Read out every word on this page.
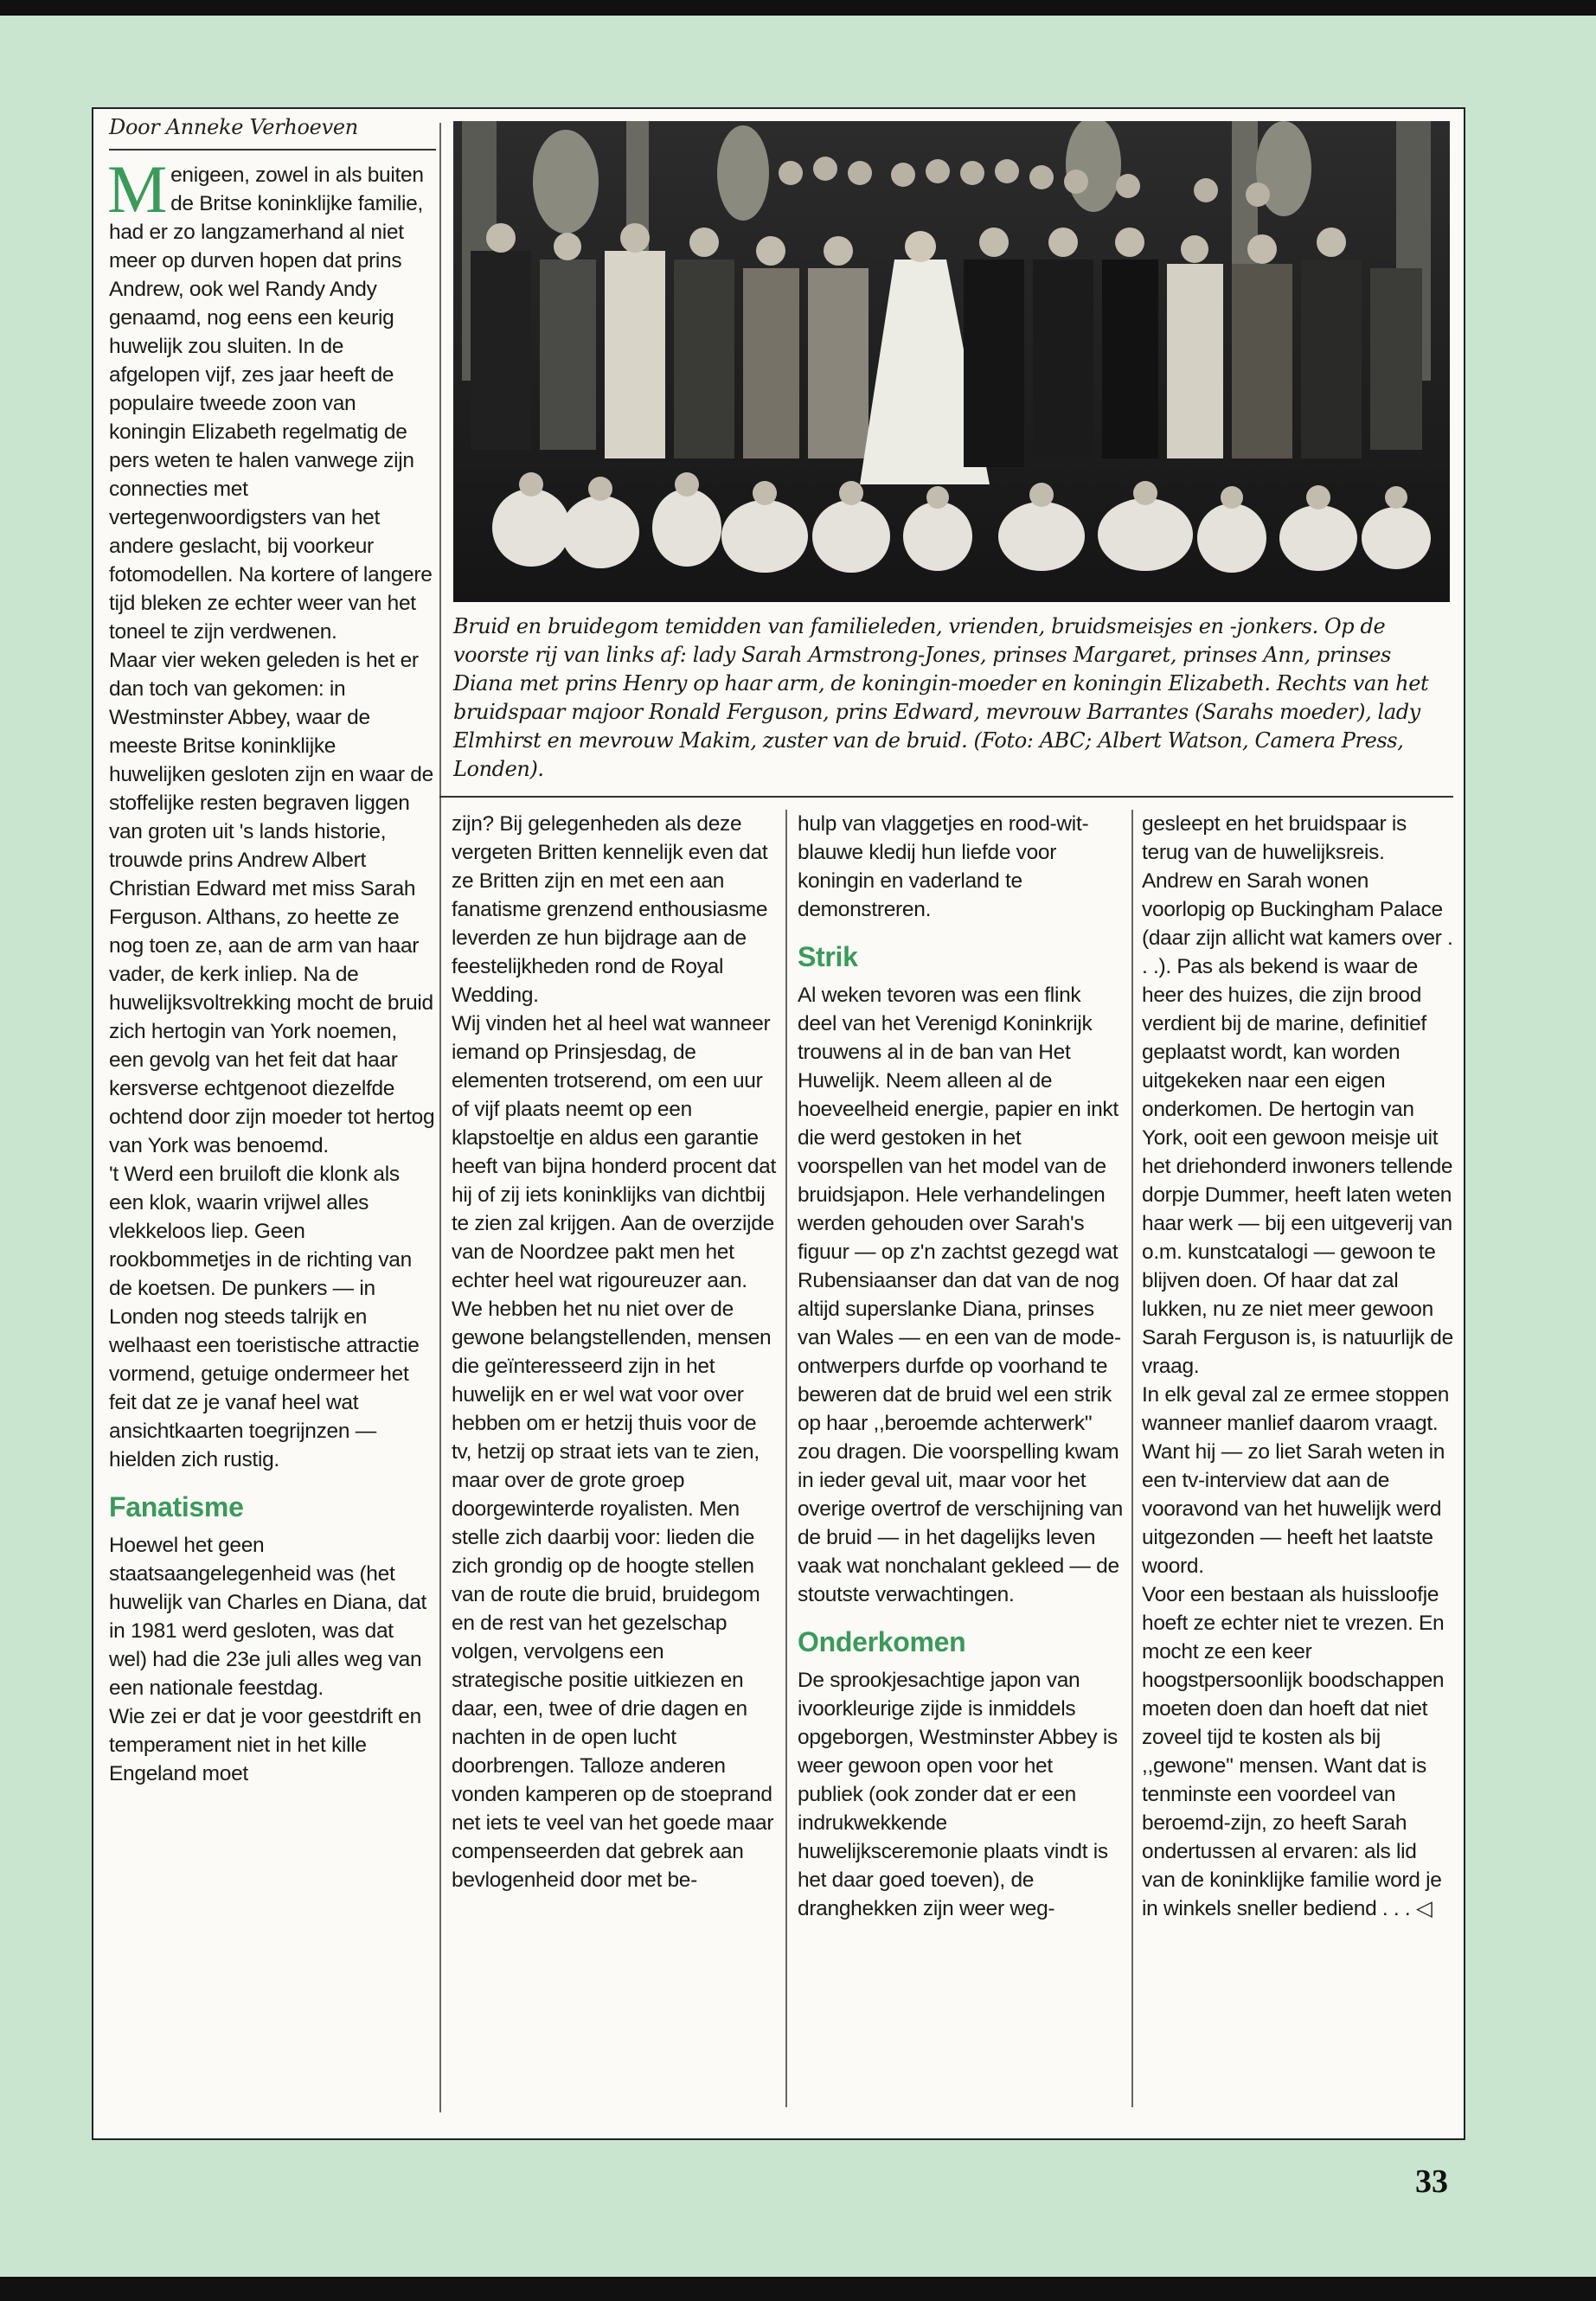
Door Anneke Verhoeven

Menigeen, zowel in als buiten de Britse koninklijke familie, had er zo langzamerhand al niet meer op durven hopen dat prins Andrew, ook wel Randy Andy genaamd, nog eens een keurig huwelijk zou sluiten. In de afgelopen vijf, zes jaar heeft de populaire tweede zoon van koningin Elizabeth regelmatig de pers weten te halen vanwege zijn connecties met vertegenwoordigsters van het andere geslacht, bij voorkeur fotomodellen. Na kortere of langere tijd bleken ze echter weer van het toneel te zijn verdwenen.

Maar vier weken geleden is het er dan toch van gekomen: in Westminster Abbey, waar de meeste Britse koninklijke huwelijken gesloten zijn en waar de stoffelijke resten begraven liggen van groten uit 's lands historie, trouwde prins Andrew Albert Christian Edward met miss Sarah Ferguson. Althans, zo heette ze nog toen ze, aan de arm van haar vader, de kerk inliep. Na de huwelijksvoltrekking mocht de bruid zich hertogin van York noemen, een gevolg van het feit dat haar kersverse echtgenoot diezelfde ochtend door zijn moeder tot hertog van York was benoemd.

't Werd een bruiloft die klonk als een klok, waarin vrijwel alles vlekkeloos liep. Geen rookbommetjes in de richting van de koetsen. De punkers — in Londen nog steeds talrijk en welhaast een toeristische attractie vormend, getuige ondermeer het feit dat ze je vanaf heel wat ansichtkaarten toegrijnzen — hielden zich rustig.

Fanatisme

Hoewel het geen staatsaangelegenheid was (het huwelijk van Charles en Diana, dat in 1981 werd gesloten, was dat wel) had die 23e juli alles weg van een nationale feestdag.

Wie zei er dat je voor geestdrift en temperament niet in het kille Engeland moet

Bruid en bruidegom temidden van familieleden, vrienden, bruidsmeisjes en -jonkers. Op de voorste rij van links af: lady Sarah Armstrong-Jones, prinses Margaret, prinses Ann, prinses Diana met prins Henry op haar arm, de koningin-moeder en koningin Elizabeth. Rechts van het bruidspaar majoor Ronald Ferguson, prins Edward, mevrouw Barrantes (Sarahs moeder), lady Elmhirst en mevrouw Makim, zuster van de bruid. (Foto: ABC; Albert Watson, Camera Press, Londen).

zijn? Bij gelegenheden als deze vergeten Britten kennelijk even dat ze Britten zijn en met een aan fanatisme grenzend enthousiasme leverden ze hun bijdrage aan de feestelijkheden rond de Royal Wedding.

Wij vinden het al heel wat wanneer iemand op Prinsjesdag, de elementen trotserend, om een uur of vijf plaats neemt op een klapstoeltje en aldus een garantie heeft van bijna honderd procent dat hij of zij iets koninklijks van dichtbij te zien zal krijgen. Aan de overzijde van de Noordzee pakt men het echter heel wat rigoureuzer aan.

We hebben het nu niet over de gewone belangstellenden, mensen die geïnteresseerd zijn in het huwelijk en er wel wat voor over hebben om er hetzij thuis voor de tv, hetzij op straat iets van te zien, maar over de grote groep doorgewinterde royalisten. Men stelle zich daarbij voor: lieden die zich grondig op de hoogte stellen van de route die bruid, bruidegom en de rest van het gezelschap volgen, vervolgens een strategische positie uitkiezen en daar, een, twee of drie dagen en nachten in de open lucht doorbrengen. Talloze anderen vonden kamperen op de stoeprand net iets te veel van het goede maar compenseerden dat gebrek aan bevlogenheid door met be-

hulp van vlaggetjes en rood-wit-blauwe kledij hun liefde voor koningin en vaderland te demonstreren.

Strik

Al weken tevoren was een flink deel van het Verenigd Koninkrijk trouwens al in de ban van Het Huwelijk. Neem alleen al de hoeveelheid energie, papier en inkt die werd gestoken in het voorspellen van het model van de bruidsjapon. Hele verhandelingen werden gehouden over Sarah's figuur — op z'n zachtst gezegd wat Rubensiaanser dan dat van de nog altijd superslanke Diana, prinses van Wales — en een van de mode-ontwerpers durfde op voorhand te beweren dat de bruid wel een strik op haar ,,beroemde achterwerk'' zou dragen. Die voorspelling kwam in ieder geval uit, maar voor het overige overtrof de verschijning van de bruid — in het dagelijks leven vaak wat nonchalant gekleed — de stoutste verwachtingen.

Onderkomen

De sprookjesachtige japon van ivoorkleurige zijde is inmiddels opgeborgen, Westminster Abbey is weer gewoon open voor het publiek (ook zonder dat er een indrukwekkende huwelijksceremonie plaats vindt is het daar goed toeven), de dranghekken zijn weer weg-

gesleept en het bruidspaar is terug van de huwelijksreis.

Andrew en Sarah wonen voorlopig op Buckingham Palace (daar zijn allicht wat kamers over . . .). Pas als bekend is waar de heer des huizes, die zijn brood verdient bij de marine, definitief geplaatst wordt, kan worden uitgekeken naar een eigen onderkomen. De hertogin van York, ooit een gewoon meisje uit het driehonderd inwoners tellende dorpje Dummer, heeft laten weten haar werk — bij een uitgeverij van o.m. kunstcatalogi — gewoon te blijven doen. Of haar dat zal lukken, nu ze niet meer gewoon Sarah Ferguson is, is natuurlijk de vraag.

In elk geval zal ze ermee stoppen wanneer manlief daarom vraagt. Want hij — zo liet Sarah weten in een tv-interview dat aan de vooravond van het huwelijk werd uitgezonden — heeft het laatste woord.

Voor een bestaan als huissloofje hoeft ze echter niet te vrezen. En mocht ze een keer hoogstpersoonlijk boodschappen moeten doen dan hoeft dat niet zoveel tijd te kosten als bij ,,gewone'' mensen. Want dat is tenminste een voordeel van beroemd-zijn, zo heeft Sarah ondertussen al ervaren: als lid van de koninklijke familie word je in winkels sneller bediend . . . ◁

33
